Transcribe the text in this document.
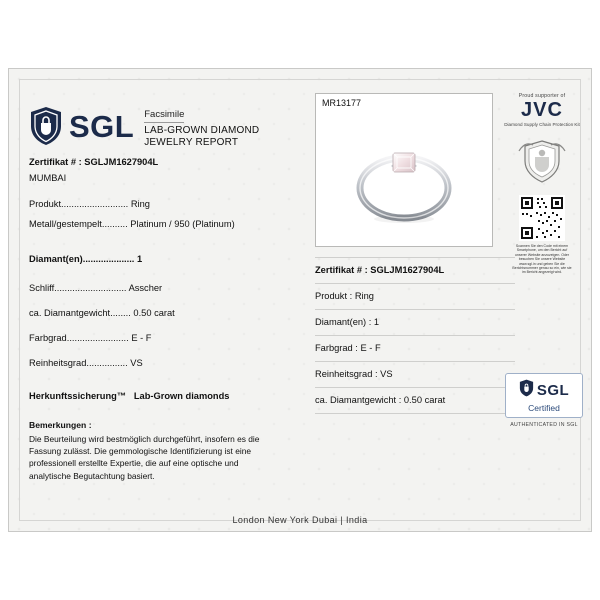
SGL Facsimile
LAB-GROWN DIAMOND
JEWELRY REPORT
Zertifikat # : SGLJM1627904L
MUMBAI
Produkt.......................... Ring
Metall/gestempelt.......... Platinum / 950 (Platinum)
Diamant(en).................... 1
Schliff............................ Asscher
ca. Diamantgewicht........ 0.50 carat
Farbgrad........................ E - F
Reinheitsgrad................ VS
Herkunftssicherung™ Lab-Grown diamonds
Bemerkungen :
Die Beurteilung wird bestmöglich durchgeführt, insofern es die Fassung zulässt. Die gemmologische Identifizierung ist eine professionell erstellte Expertie, die auf eine optische und analytische Begutachtung basiert.
MR13177
Proud supporter of
JVC
Diamond Supply Chain Protection Kit
Scannen Sie den Code mit einem Smartphone, um den Bericht auf unserer Website anzuzeigen. Oder besuchen Sie unsere Website www.sgl.in und geben Sie die Berichtsnummer genau so ein, wie sie im Bericht angezeigt wird.
Zertifikat # : SGLJM1627904L
Produkt : Ring
Diamant(en) : 1
Farbgrad : E - F
Reinheitsgrad : VS
ca. Diamantgewicht : 0.50 carat
SGL
Certified
AUTHENTICATED IN SGL
London New York Dubai | India
